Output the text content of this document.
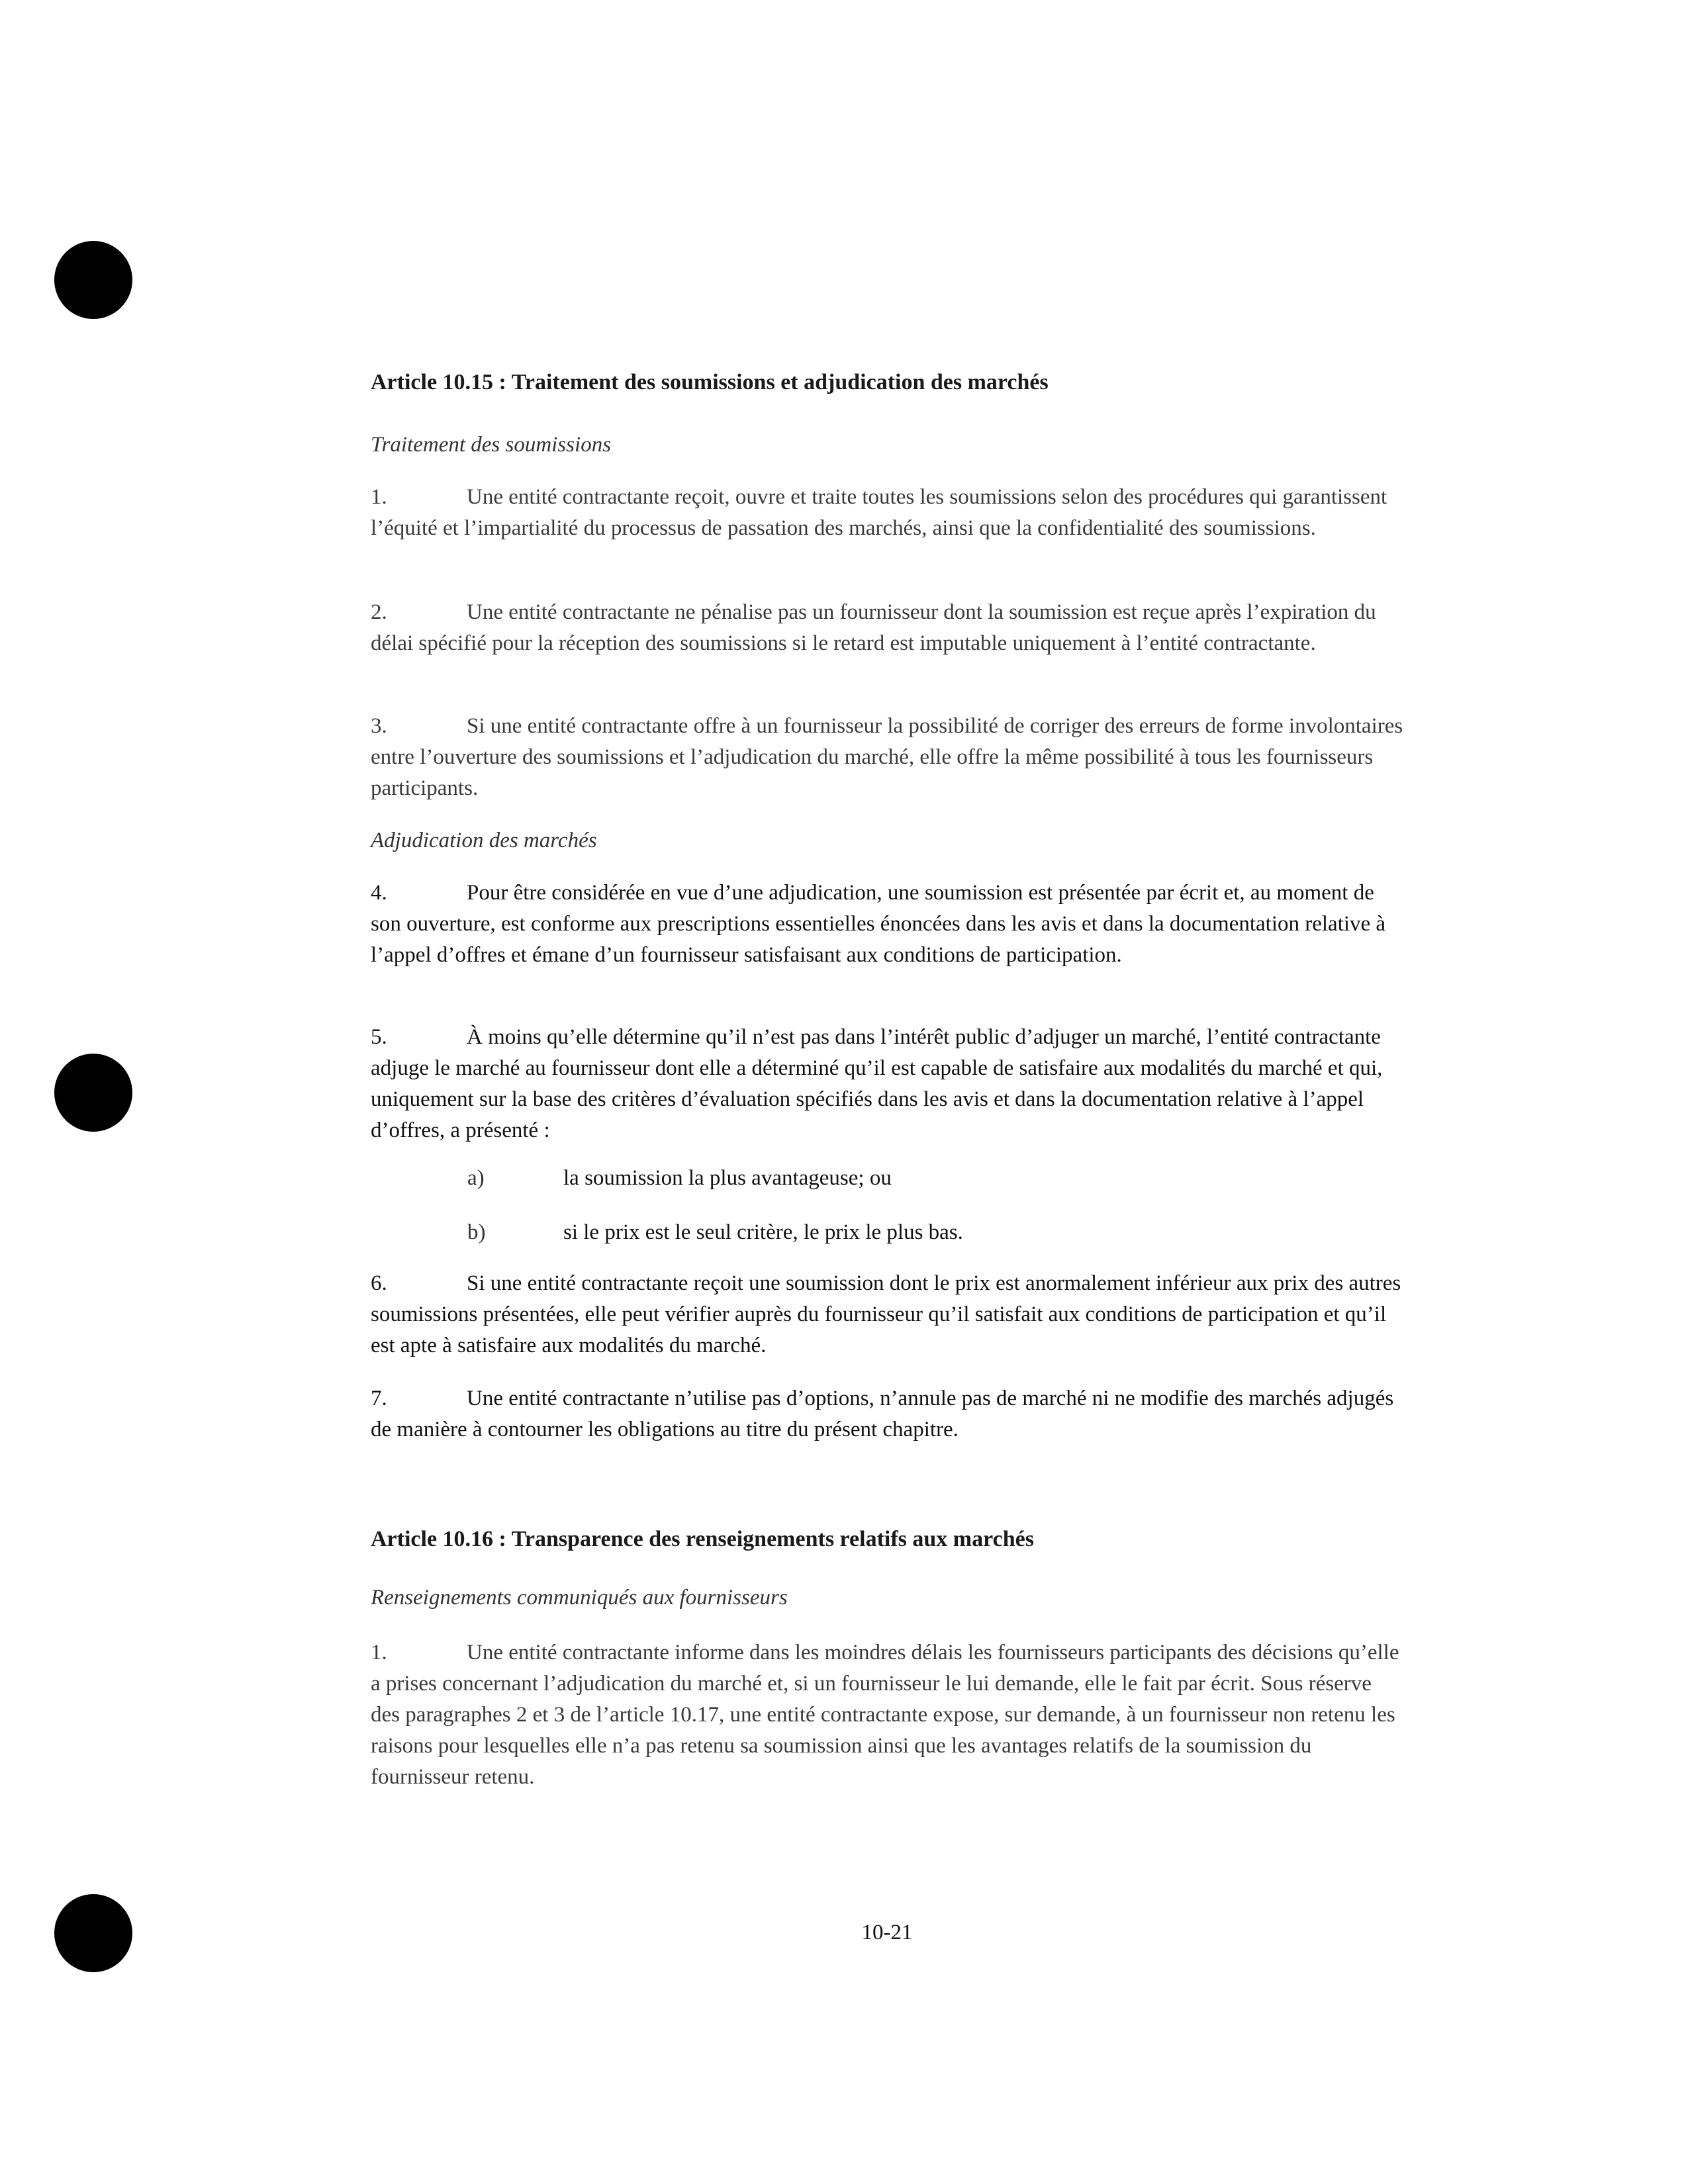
Article 10.15 : Traitement des soumissions et adjudication des marchés
Traitement des soumissions
1.	Une entité contractante reçoit, ouvre et traite toutes les soumissions selon des procédures qui garantissent l’équité et l’impartialité du processus de passation des marchés, ainsi que la confidentialité des soumissions.
2.	Une entité contractante ne pénalise pas un fournisseur dont la soumission est reçue après l’expiration du délai spécifié pour la réception des soumissions si le retard est imputable uniquement à l’entité contractante.
3.	Si une entité contractante offre à un fournisseur la possibilité de corriger des erreurs de forme involontaires entre l’ouverture des soumissions et l’adjudication du marché, elle offre la même possibilité à tous les fournisseurs participants.
Adjudication des marchés
4.	Pour être considérée en vue d’une adjudication, une soumission est présentée par écrit et, au moment de son ouverture, est conforme aux prescriptions essentielles énoncées dans les avis et dans la documentation relative à l’appel d’offres et émane d’un fournisseur satisfaisant aux conditions de participation.
5.	À moins qu’elle détermine qu’il n’est pas dans l’intérêt public d’adjuger un marché, l’entité contractante adjuge le marché au fournisseur dont elle a déterminé qu’il est capable de satisfaire aux modalités du marché et qui, uniquement sur la base des critères d’évaluation spécifiés dans les avis et dans la documentation relative à l’appel d’offres, a présenté :
a)	la soumission la plus avantageuse; ou
b)	si le prix est le seul critère, le prix le plus bas.
6.	Si une entité contractante reçoit une soumission dont le prix est anormalement inférieur aux prix des autres soumissions présentées, elle peut vérifier auprès du fournisseur qu’il satisfait aux conditions de participation et qu’il est apte à satisfaire aux modalités du marché.
7.	Une entité contractante n’utilise pas d’options, n’annule pas de marché ni ne modifie des marchés adjugés de manière à contourner les obligations au titre du présent chapitre.
Article 10.16 : Transparence des renseignements relatifs aux marchés
Renseignements communiqués aux fournisseurs
1.	Une entité contractante informe dans les moindres délais les fournisseurs participants des décisions qu’elle a prises concernant l’adjudication du marché et, si un fournisseur le lui demande, elle le fait par écrit. Sous réserve des paragraphes 2 et 3 de l’article 10.17, une entité contractante expose, sur demande, à un fournisseur non retenu les raisons pour lesquelles elle n’a pas retenu sa soumission ainsi que les avantages relatifs de la soumission du fournisseur retenu.
10-21
